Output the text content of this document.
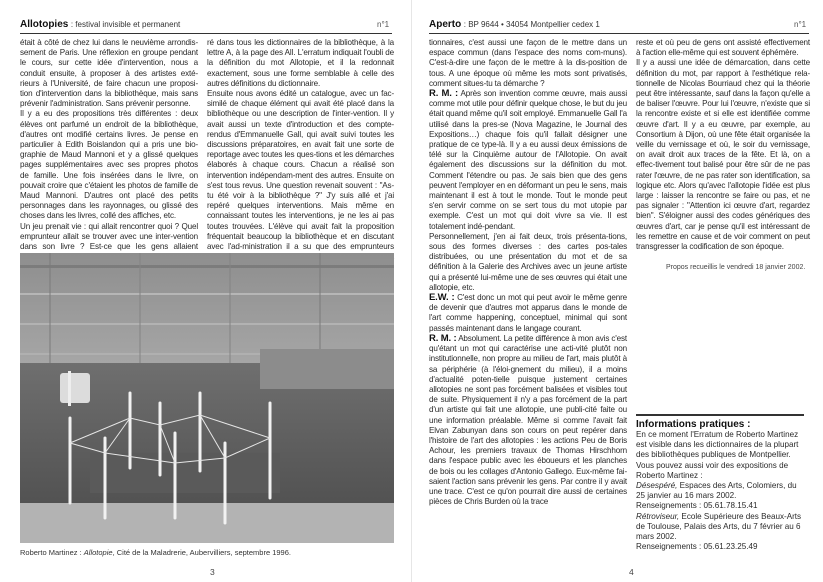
Allotopies : festival invisible et permanent	n°1

était à côté de chez lui dans le neuvième arrondis-sement de Paris. Une réflexion en groupe pendant le cours, sur cette idée d'intervention, nous a conduit ensuite, à proposer à des artistes exté-rieurs à l'Université, de faire chacun une proposi-tion d'intervention dans la bibliothèque, mais sans prévenir l'administration. Sans prévenir personne.

Il y a eu des propositions très différentes : deux élèves ont parfumé un endroit de la bibliothèque, d'autres ont modifié certains livres. Je pense en particulier à Edith Boislandon qui a pris une bio-graphie de Maud Mannoni et y a glissé quelques pages supplémentaires avec ses propres photos de famille. Une fois insérées dans le livre, on pouvait croire que c'étaient les photos de famille de Maud Mannoni. D'autres ont placé des petits personnages dans les rayonnages, ou glissé des choses dans les livres, collé des affiches, etc.

Un jeu prenait vie : qui allait rencontrer quoi ? Quel emprunteur allait se trouver avec une inter-vention dans son livre ? Est-ce que les gens allaient

ré dans tous les dictionnaires de la bibliothèque, à la lettre A, à la page des All. L'erratum indiquait l'oubli de la définition du mot Allotopie, et il la redonnait exactement, sous une forme semblable à celle des autres définitions du dictionnaire.

Ensuite nous avons édité un catalogue, avec un fac-similé de chaque élément qui avait été placé dans la bibliothèque ou une description de l'inter-vention. Il y avait aussi un texte d'introduction et des compte-rendus d'Emmanuelle Gall, qui avait suivi toutes les discussions préparatoires, en avait fait une sorte de reportage avec toutes les ques-tions et les démarches élaborés à chaque cours. Chacun a réalisé son intervention indépendam-ment des autres. Ensuite on s'est tous revus. Une question revenait souvent : "As-tu été voir à la bibliothèque ?" J'y suis allé et j'ai repéré quelques interventions. Mais même en connaissant toutes les interventions, je ne les ai pas toutes trouvées. L'élève qui avait fait la proposition fréquentait beaucoup la bibliothèque et en discutant avec l'ad-ministration il a su que des emprunteurs

Roberto Martinez : Allotopie, Cité de la Maladrerie, Aubervilliers, septembre 1996.
3
Aperto : BP 9644 • 34054 Montpellier cedex 1	n°1

tionnaires, c'est aussi une façon de le mettre dans un espace commun (dans l'espace des noms com-muns). C'est-à-dire une façon de le mettre à la dis-position de tous. A une époque où même les mots sont privatisés, comment situes-tu ta démarche ?

R. M. : Après son invention comme œuvre, mais aussi comme mot utile pour définir quelque chose, le but du jeu était quand même qu'il soit employé. Emmanuelle Gall l'a utilisé dans la pres-se (Nova Magazine, le Journal des Expositions…) chaque fois qu'il fallait désigner une pratique de ce type-là. Il y a eu aussi deux émissions de télé sur la Cinquième autour de l'Allotopie. On avait également des discussions sur la définition du mot. Comment l'étendre ou pas. Je sais bien que des gens peuvent l'employer en en déformant un peu le sens, mais maintenant il est à tout le monde. Tout le monde peut s'en servir comme on se sert tous du mot utopie par exemple. C'est un mot qui doit vivre sa vie. Il est totalement indé-pendant.

Personnellement, j'en ai fait deux, trois présenta-tions, sous des formes diverses : des cartes pos-tales distribuées, ou une présentation du mot et de sa définition à la Galerie des Archives avec un jeune artiste qui a présenté lui-même une de ses œuvres qui était une allotopie, etc.

E.W. : C'est donc un mot qui peut avoir le même genre de devenir que d'autres mot apparus dans le monde de l'art comme happening, conceptuel, minimal qui sont passés maintenant dans le langage courant.

R. M. : Absolument. La petite différence à mon avis c'est qu'étant un mot qui caractérise une acti-vité plutôt non institutionnelle, non propre au milieu de l'art, mais plutôt à sa périphérie (à l'éloi-gnement du milieu), il a moins d'actualité poten-tielle puisque justement certaines allotopies ne sont pas forcément balisées et visibles tout de suite. Physiquement il n'y a pas forcément de la part d'un artiste qui fait une allotopie, une publi-cité faite ou une information préalable. Même si comme l'avait fait Elvan Zabunyan dans son cours on peut repérer dans l'histoire de l'art des allotopies : les actions Peu de Boris Achour, les premiers travaux de Thomas Hirschhorn dans l'espace public avec les éboueurs et les planches de bois ou les collages d'Antonio Gallego. Eux-même fai-saient l'action sans prévenir les gens. Par contre il y avait une trace. C'est ce qu'on pourrait dire aussi de certaines pièces de Chris Burden où la trace

reste et où peu de gens ont assisté effectivement à l'action elle-même qui est souvent éphémère.

Il y a aussi une idée de démarcation, dans cette définition du mot, par rapport à l'esthétique rela-tionnelle de Nicolas Bourriaud chez qui la théorie peut être intéressante, sauf dans la façon qu'elle a de baliser l'œuvre. Pour lui l'œuvre, n'existe que si la rencontre existe et si elle est identifiée comme œuvre d'art. Il y a eu œuvre, par exemple, au Consortium à Dijon, où une fête était organisée la veille du vernissage et où, le soir du vernissage, on avait droit aux traces de la fête. Et là, on a effec-tivement tout balisé pour être sûr de ne pas rater l'œuvre, de ne pas rater son identification, sa logique etc. Alors qu'avec l'allotopie l'idée est plus large : laisser la rencontre se faire ou pas, et ne pas signaler : "Attention ici œuvre d'art, regardez bien". S'éloigner aussi des codes génériques des œuvres d'art, car je pense qu'il est intéressant de les remettre en cause et de voir comment on peut transgresser la codification de son époque.

4
Propos recueillis le vendredi 18 janvier 2002.
Informations pratiques :

En ce moment l'Erratum de Roberto Martinez est visible dans les dictionnaires de la plupart des bibliothèques publiques de Montpellier.

Vous pouvez aussi voir des expositions de Roberto Martinez :

Désespéré, Espaces des Arts, Colomiers, du 25 janvier au 16 mars 2002.

Renseignements : 05.61.78.15.41

Rétroviseur, Ecole Supérieure des Beaux-Arts de Toulouse, Palais des Arts, du 7 février au 6 mars 2002.

Renseignements : 05.61.23.25.49
